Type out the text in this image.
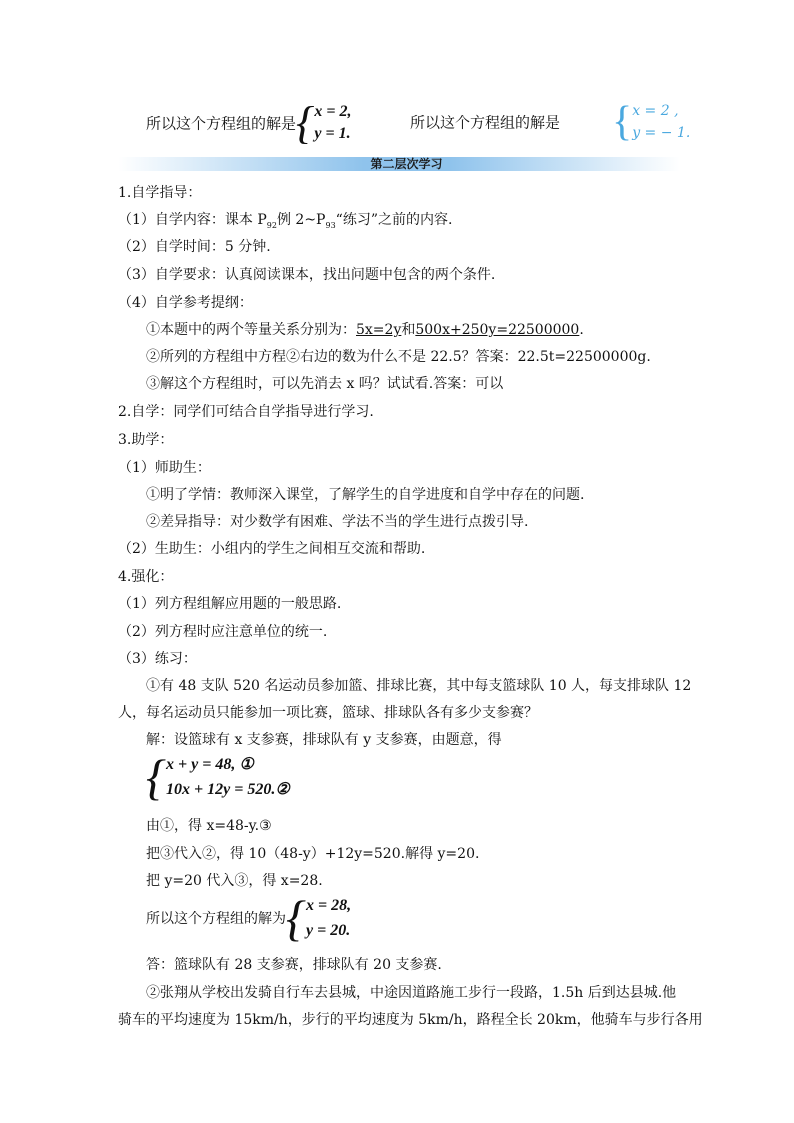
所以这个方程组的解是 { x = 2,
y = 1.
所以这个方程组的解是 { x = 2 ,
y = − 1.
第二层次学习
1.自学指导：
（1）自学内容：课本 $P_{92}$例 $2\sim P_{93}“$练习”之前的内容.
（2）自学时间：5 分钟.
（3）自学要求：认真阅读课本，找出问题中包含的两个条件.
（4）自学参考提纲：
①本题中的两个等量关系分别为：5x=2y和500x+250y=22500000.
②所列的方程组中方程②右边的数为什么不是 22.5？答案：22.5t=22500000g.
③解这个方程组时，可以先消去 x 吗？试试看.答案：可以
2.自学：同学们可结合自学指导进行学习.
3.助学：
（1）师助生：
①明了学情：教师深入课堂，了解学生的自学进度和自学中存在的问题.
②差异指导：对少数学有困难、学法不当的学生进行点拨引导.
（2）生助生：小组内的学生之间相互交流和帮助.
4.强化：
（1）列方程组解应用题的一般思路.
（2）列方程时应注意单位的统一.
（3）练习：
①有 48 支队 520 名运动员参加篮、排球比赛，其中每支篮球队 10 人，每支排球队 12
人，每名运动员只能参加一项比赛，篮球、排球队各有多少支参赛？
解：设篮球有 x 支参赛，排球队有 y 支参赛，由题意，得
{ x + y = 48, ①
10x + 12y = 520.②
由①，得 x=48-y.③
把③代入②，得 10（48-y）+12y=520.解得 y=20.
把 y=20 代入③，得 x=28.
所以这个方程组的解为 { x = 28,
y = 20.
答：篮球队有 28 支参赛，排球队有 20 支参赛.
②张翔从学校出发骑自行车去县城，中途因道路施工步行一段路，1.5h 后到达县城.他
骑车的平均速度为 15km/h，步行的平均速度为 5km/h，路程全长 20km，他骑车与步行各用
